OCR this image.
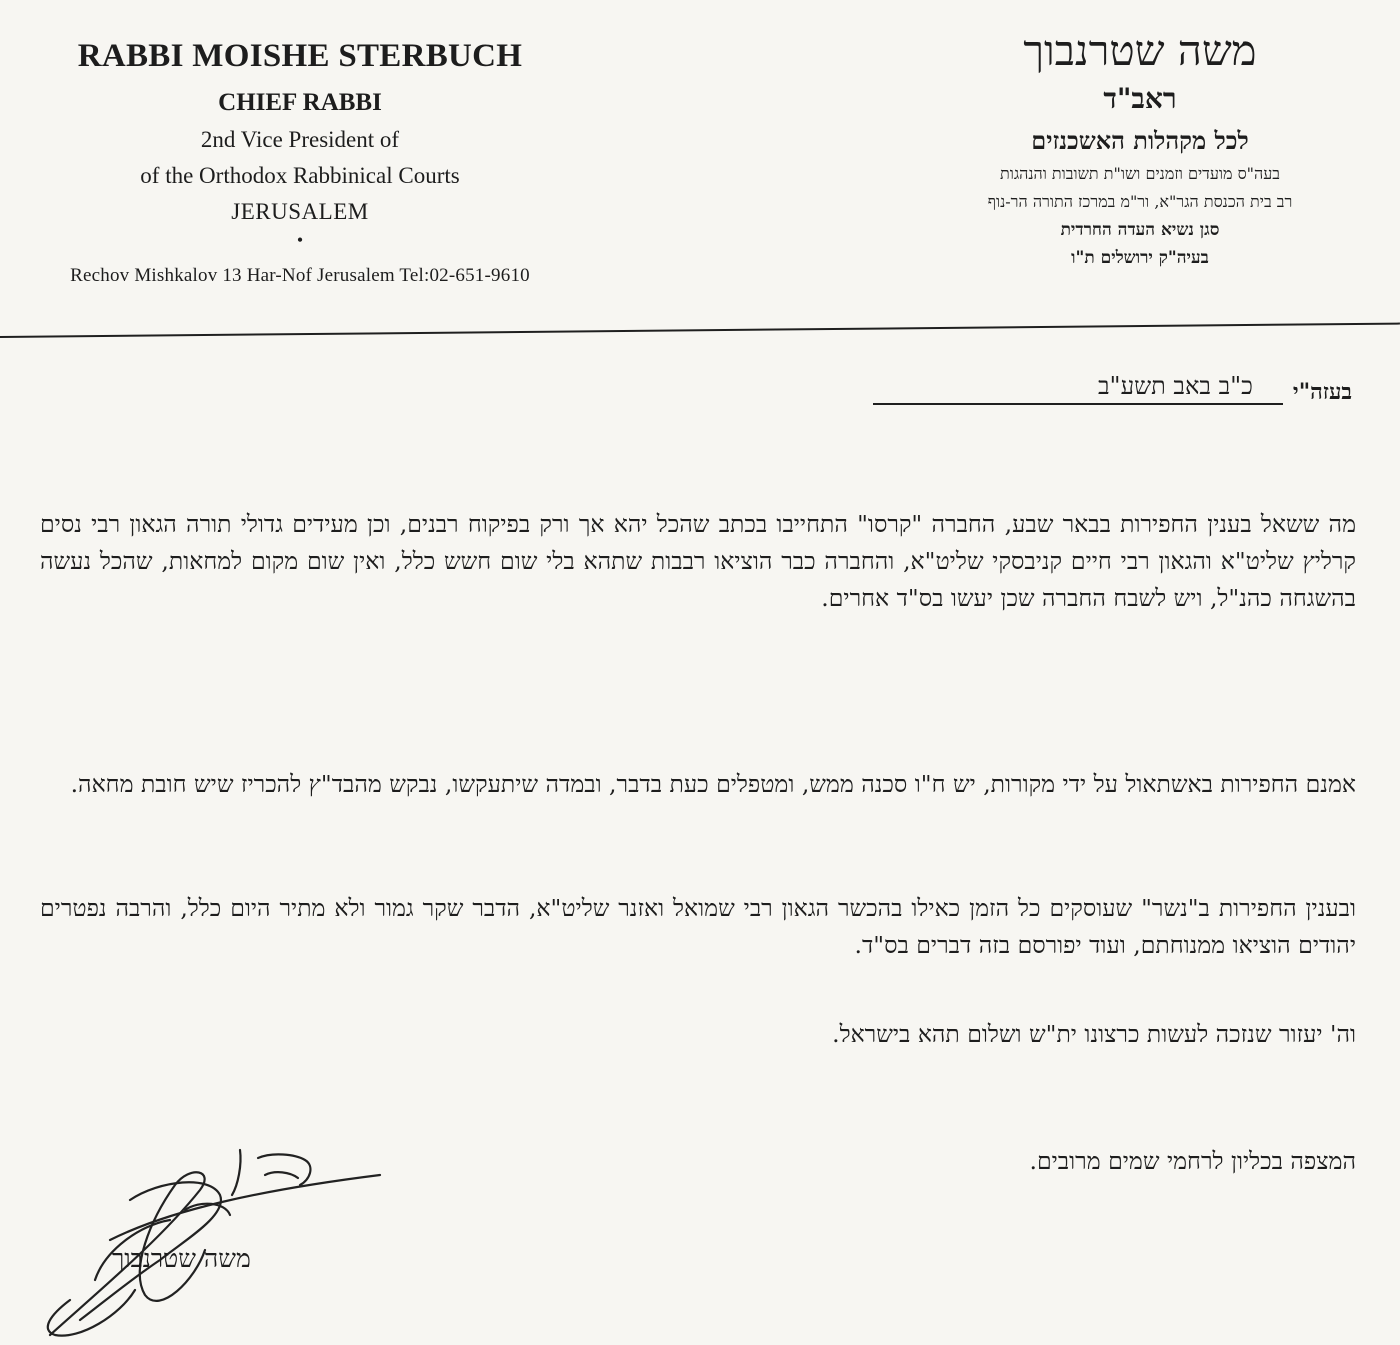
RABBI MOISHE STERBUCH
CHIEF RABBI
2nd Vice President of
of the Orthodox Rabbinical Courts
JERUSALEM
•
Rechov Mishkalov 13 Har-Nof Jerusalem Tel:02-651-9610
משה שטרנבוך
ראב"ד
לכל מקהלות האשכנזים
בעה"ס מועדים וזמנים ושו"ת תשובות והנהגות
רב בית הכנסת הגר"א, ור"מ במרכז התורה הר-נוף
סגן נשיא העדה החרדית
בעיה"ק ירושלים ת"ו
בעזה"י
כ"ב באב תשע"ב
מה ששאל בענין החפירות בבאר שבע, החברה "קרסו" התחייבו בכתב שהכל יהא אך ורק בפיקוח רבנים, וכן מעידים גדולי תורה הגאון רבי נסים קרליץ שליט"א והגאון רבי חיים קניבסקי שליט"א, והחברה כבר הוציאו רבבות שתהא בלי שום חשש כלל, ואין שום מקום למחאות, שהכל נעשה בהשגחה כהנ"ל, ויש לשבח החברה שכן יעשו בס"ד אחרים.
אמנם החפירות באשתאול על ידי מקורות, יש ח"ו סכנה ממש, ומטפלים כעת בדבר, ובמדה שיתעקשו, נבקש מהבד"ץ להכריז שיש חובת מחאה.
ובענין החפירות ב"נשר" שעוסקים כל הזמן כאילו בהכשר הגאון רבי שמואל ואזנר שליט"א, הדבר שקר גמור ולא מתיר היום כלל, והרבה נפטרים יהודים הוציאו ממנוחתם, ועוד יפורסם בזה דברים בס"ד.
וה' יעזור שנזכה לעשות כרצונו ית"ש ושלום תהא בישראל.
המצפה בכליון לרחמי שמים מרובים.
משה שטרנבוך
